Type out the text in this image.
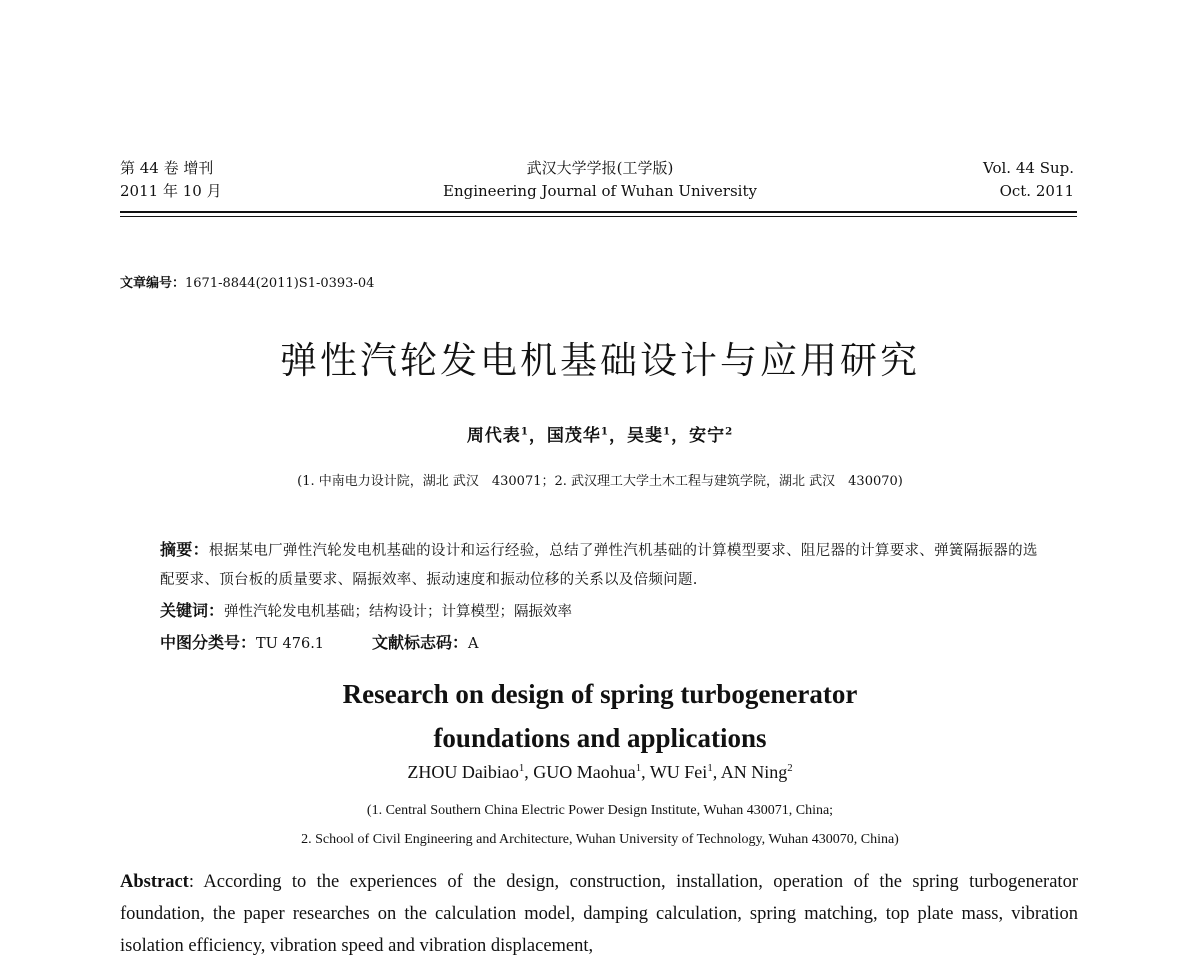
第 44 卷 增刊
2011 年 10 月
武汉大学学报(工学版)
Engineering Journal of Wuhan University
Vol. 44 Sup.
Oct. 2011
文章编号：1671-8844(2011)S1-0393-04
弹性汽轮发电机基础设计与应用研究
周代表$^1$，国茂华$^1$，吴斐$^1$，安宁$^2$
(1. 中南电力设计院，湖北 武汉　430071；2. 武汉理工大学土木工程与建筑学院，湖北 武汉　430070)
摘要：根据某电厂弹性汽轮发电机基础的设计和运行经验，总结了弹性汽机基础的计算模型要求、阻尼器的计算要求、弹簧隔振器的选配要求、顶台板的质量要求、隔振效率、振动速度和振动位移的关系以及倍频问题.
关键词：弹性汽轮发电机基础；结构设计；计算模型；隔振效率
中图分类号：TU 476.1	文献标志码：A
Research on design of spring turbogenerator
foundations and applications
ZHOU Daibiao$^1$, GUO Maohua$^1$, WU Fei$^1$, AN Ning$^2$
(1. Central Southern China Electric Power Design Institute, Wuhan 430071, China;
2. School of Civil Engineering and Architecture, Wuhan University of Technology, Wuhan 430070, China)
Abstract: According to the experiences of the design, construction, installation, operation of the spring turbogenerator foundation, the paper researches on the calculation model, damping calculation, spring matching, top plate mass, vibration isolation efficiency, vibration speed and vibration displacement,
